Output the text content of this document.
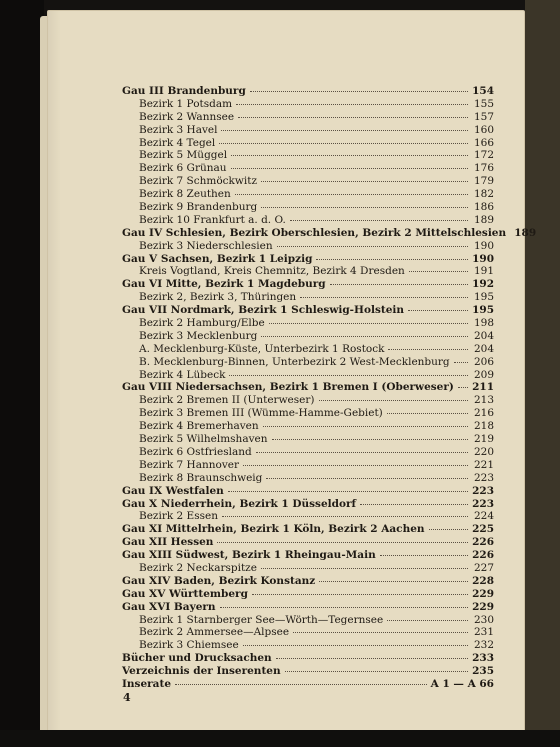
Gau III Brandenburg	154
Bezirk 1 Potsdam	155
Bezirk 2 Wannsee	157
Bezirk 3 Havel	160
Bezirk 4 Tegel	166
Bezirk 5 Müggel	172
Bezirk 6 Grünau	176
Bezirk 7 Schmöckwitz	179
Bezirk 8 Zeuthen	182
Bezirk 9 Brandenburg	186
Bezirk 10 Frankfurt a. d. O.	189
Gau IV Schlesien, Bezirk Oberschlesien, Bezirk 2 Mittelschlesien 189
Bezirk 3 Niederschlesien	190
Gau V Sachsen, Bezirk 1 Leipzig	190
Kreis Vogtland, Kreis Chemnitz, Bezirk 4 Dresden	191
Gau VI Mitte, Bezirk 1 Magdeburg	192
Bezirk 2, Bezirk 3, Thüringen	195
Gau VII Nordmark, Bezirk 1 Schleswig-Holstein	195
Bezirk 2 Hamburg/Elbe	198
Bezirk 3 Mecklenburg	204
A. Mecklenburg-Küste, Unterbezirk 1 Rostock	204
B. Mecklenburg-Binnen, Unterbezirk 2 West-Mecklenburg 206
Bezirk 4 Lübeck	209
Gau VIII Niedersachsen, Bezirk 1 Bremen I (Oberweser) 211
Bezirk 2 Bremen II (Unterweser)	213
Bezirk 3 Bremen III (Wümme-Hamme-Gebiet)	216
Bezirk 4 Bremerhaven	218
Bezirk 5 Wilhelmshaven	219
Bezirk 6 Ostfriesland	220
Bezirk 7 Hannover	221
Bezirk 8 Braunschweig	223
Gau IX Westfalen	223
Gau X Niederrhein, Bezirk 1 Düsseldorf	223
Bezirk 2 Essen	224
Gau XI Mittelrhein, Bezirk 1 Köln, Bezirk 2 Aachen	225
Gau XII Hessen	226
Gau XIII Südwest, Bezirk 1 Rheingau-Main	226
Bezirk 2 Neckarspitze	227
Gau XIV Baden, Bezirk Konstanz	228
Gau XV Württemberg	229
Gau XVI Bayern	229
Bezirk 1 Starnberger See—Wörth—Tegernsee	230
Bezirk 2 Ammersee—Alpsee	231
Bezirk 3 Chiemsee	232
Bücher und Drucksachen	233
Verzeichnis der Inserenten	235
Inserate	A 1 — A 66
4
